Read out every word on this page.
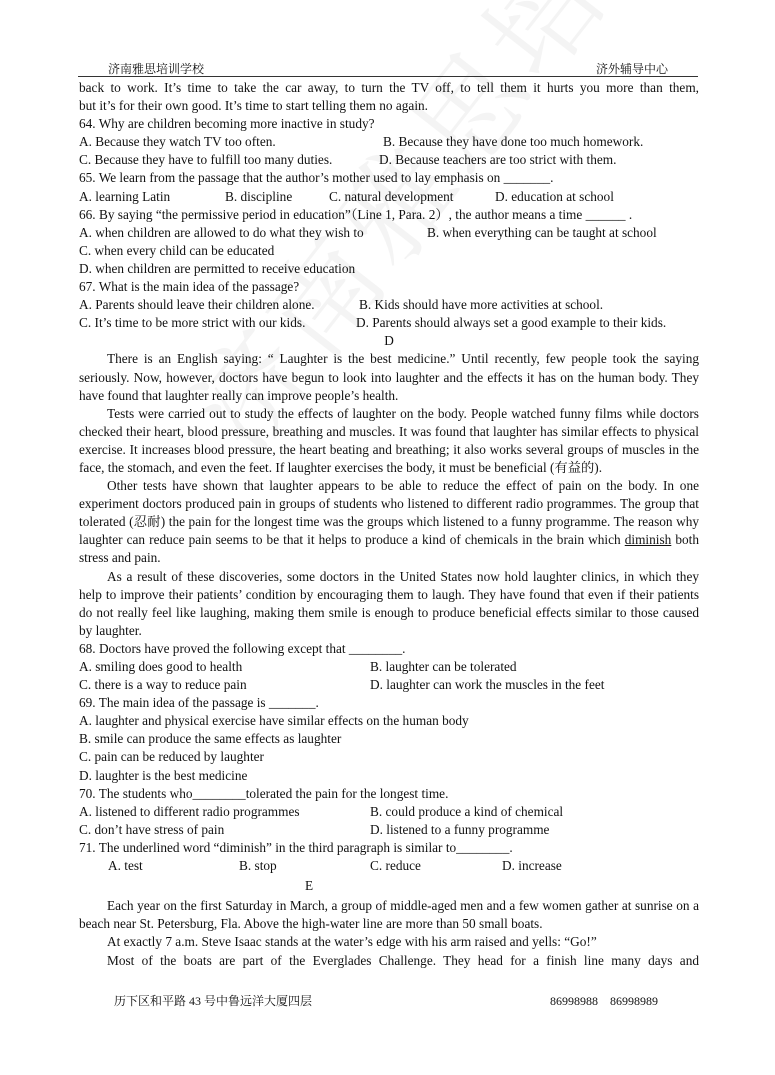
济南雅思培训学校	济外辅导中心
back to work. It’s time to take the car away, to turn the TV off, to tell them it hurts you more than them,
but it’s for their own good. It’s time to start telling them no again.
64. Why are children becoming more inactive in study?
A. Because they watch TV too often.	B. Because they have done too much homework.
C. Because they have to fulfill too many duties.	D. Because teachers are too strict with them.
65. We learn from the passage that the author’s mother used to lay emphasis on _______.
A. learning Latin	B. discipline	C. natural development	D. education at school
66. By saying “the permissive period in education”（Line 1, Para. 2）, the author means a time ______ .
A. when children are allowed to do what they wish to	B. when everything can be taught at school
C. when every child can be educated
D. when children are permitted to receive education
67. What is the main idea of the passage?
A. Parents should leave their children alone.	B. Kids should have more activities at school.
C. It’s time to be more strict with our kids.	D. Parents should always set a good example to their kids.
D

There is an English saying: “ Laughter is the best medicine.” Until recently, few people took the saying seriously. Now, however, doctors have begun to look into laughter and the effects it has on the human body. They have found that laughter really can improve people’s health.

Tests were carried out to study the effects of laughter on the body. People watched funny films while doctors checked their heart, blood pressure, breathing and muscles. It was found that laughter has similar effects to physical exercise. It increases blood pressure, the heart beating and breathing; it also works several groups of muscles in the face, the stomach, and even the feet. If laughter exercises the body, it must be beneficial (有益的).

Other tests have shown that laughter appears to be able to reduce the effect of pain on the body. In one experiment doctors produced pain in groups of students who listened to different radio programmes. The group that tolerated (忍耐) the pain for the longest time was the groups which listened to a funny programme. The reason why laughter can reduce pain seems to be that it helps to produce a kind of chemicals in the brain which diminish both stress and pain.

As a result of these discoveries, some doctors in the United States now hold laughter clinics, in which they help to improve their patients’ condition by encouraging them to laugh. They have found that even if their patients do not really feel like laughing, making them smile is enough to produce beneficial effects similar to those caused by laughter.

68. Doctors have proved the following except that ________.
A. smiling does good to health	B. laughter can be tolerated
C. there is a way to reduce pain	D. laughter can work the muscles in the feet
69. The main idea of the passage is _______.
A. laughter and physical exercise have similar effects on the human body
B. smile can produce the same effects as laughter
C. pain can be reduced by laughter
D. laughter is the best medicine
70. The students who________tolerated the pain for the longest time.
A. listened to different radio programmes	B. could produce a kind of chemical
C. don’t have stress of pain	D. listened to a funny programme
71. The underlined word “diminish” in the third paragraph is similar to________.
A. test	B. stop	C. reduce	D. increase
E

Each year on the first Saturday in March, a group of middle-aged men and a few women gather at sunrise on a beach near St. Petersburg, Fla. Above the high-water line are more than 50 small boats.

At exactly 7 a.m. Steve Isaac stands at the water’s edge with his arm raised and yells: “Go!”

Most of the boats are part of the Everglades Challenge. They head for a finish line many days and

历下区和平路 43 号中鲁远洋大厦四层	86998988　86998989
